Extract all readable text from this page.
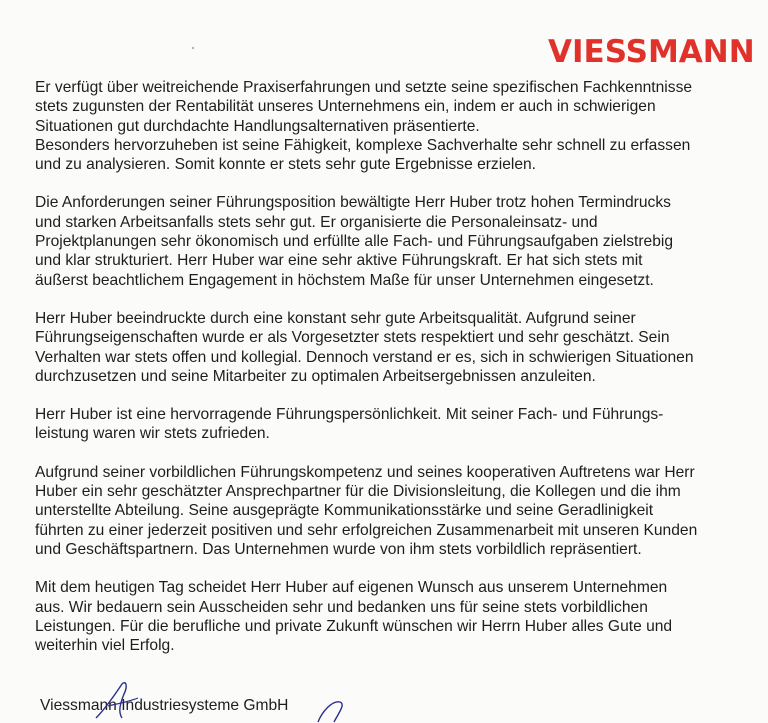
VIESSMANN

Er verfügt über weitreichende Praxiserfahrungen und setzte seine spezifischen Fachkenntnisse
stets zugunsten der Rentabilität unseres Unternehmens ein, indem er auch in schwierigen
Situationen gut durchdachte Handlungsalternativen präsentierte.
Besonders hervorzuheben ist seine Fähigkeit, komplexe Sachverhalte sehr schnell zu erfassen
und zu analysieren. Somit konnte er stets sehr gute Ergebnisse erzielen.

Die Anforderungen seiner Führungsposition bewältigte Herr Huber trotz hohen Termindrucks
und starken Arbeitsanfalls stets sehr gut. Er organisierte die Personaleinsatz- und
Projektplanungen sehr ökonomisch und erfüllte alle Fach- und Führungsaufgaben zielstrebig
und klar strukturiert. Herr Huber war eine sehr aktive Führungskraft. Er hat sich stets mit
äußerst beachtlichem Engagement in höchstem Maße für unser Unternehmen eingesetzt.

Herr Huber beeindruckte durch eine konstant sehr gute Arbeitsqualität. Aufgrund seiner
Führungseigenschaften wurde er als Vorgesetzter stets respektiert und sehr geschätzt. Sein
Verhalten war stets offen und kollegial. Dennoch verstand er es, sich in schwierigen Situationen
durchzusetzen und seine Mitarbeiter zu optimalen Arbeitsergebnissen anzuleiten.

Herr Huber ist eine hervorragende Führungspersönlichkeit. Mit seiner Fach- und Führungs-
leistung waren wir stets zufrieden.

Aufgrund seiner vorbildlichen Führungskompetenz und seines kooperativen Auftretens war Herr
Huber ein sehr geschätzter Ansprechpartner für die Divisionsleitung, die Kollegen und die ihm
unterstellte Abteilung. Seine ausgeprägte Kommunikationsstärke und seine Geradlinigkeit
führten zu einer jederzeit positiven und sehr erfolgreichen Zusammenarbeit mit unseren Kunden
und Geschäftspartnern. Das Unternehmen wurde von ihm stets vorbildlich repräsentiert.

Mit dem heutigen Tag scheidet Herr Huber auf eigenen Wunsch aus unserem Unternehmen
aus. Wir bedauern sein Ausscheiden sehr und bedanken uns für seine stets vorbildlichen
Leistungen. Für die berufliche und private Zukunft wünschen wir Herrn Huber alles Gute und
weiterhin viel Erfolg.

Viessmann Industriesysteme GmbH
